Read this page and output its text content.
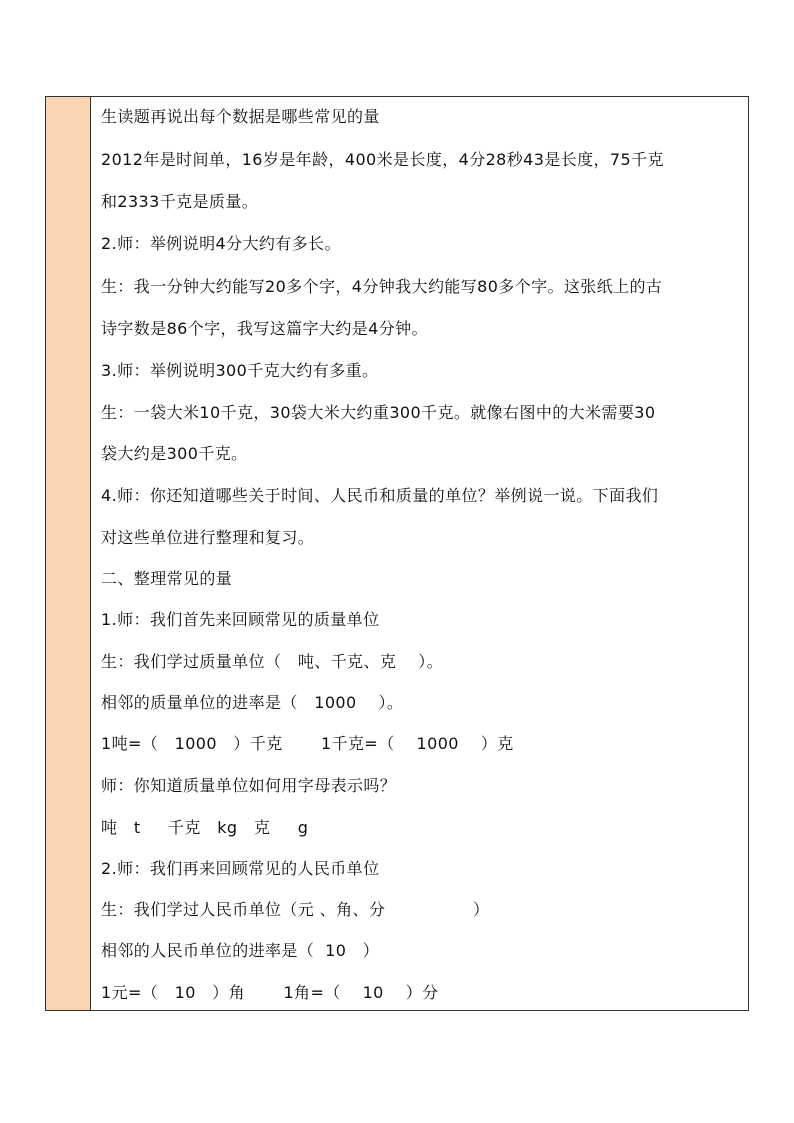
生读题再说出每个数据是哪些常见的量
2012年是时间单，16岁是年龄，400米是长度，4分28秒43是长度，75千克
和2333千克是质量。
2.师：举例说明4分大约有多长。
生：我一分钟大约能写20多个字，4分钟我大约能写80多个字。这张纸上的古
诗字数是86个字，我写这篇字大约是4分钟。
3.师：举例说明300千克大约有多重。
生：一袋大米10千克，30袋大米大约重300千克。就像右图中的大米需要30
袋大约是300千克。
4.师：你还知道哪些关于时间、人民币和质量的单位？举例说一说。下面我们
对这些单位进行整理和复习。
二、整理常见的量
1.师：我们首先来回顾常见的质量单位
生：我们学过质量单位（   吨、千克、克    ）。
相邻的质量单位的进率是（   1000    ）。
1吨=（   1000   ）千克       1千克=（    1000    ）克
师：你知道质量单位如何用字母表示吗？
吨   t     千克   kg   克     g
2.师：我们再来回顾常见的人民币单位
生：我们学过人民币单位（元 、角、分                ）
相邻的人民币单位的进率是（  10   ）
1元=（   10   ）角       1角=（    10    ）分
